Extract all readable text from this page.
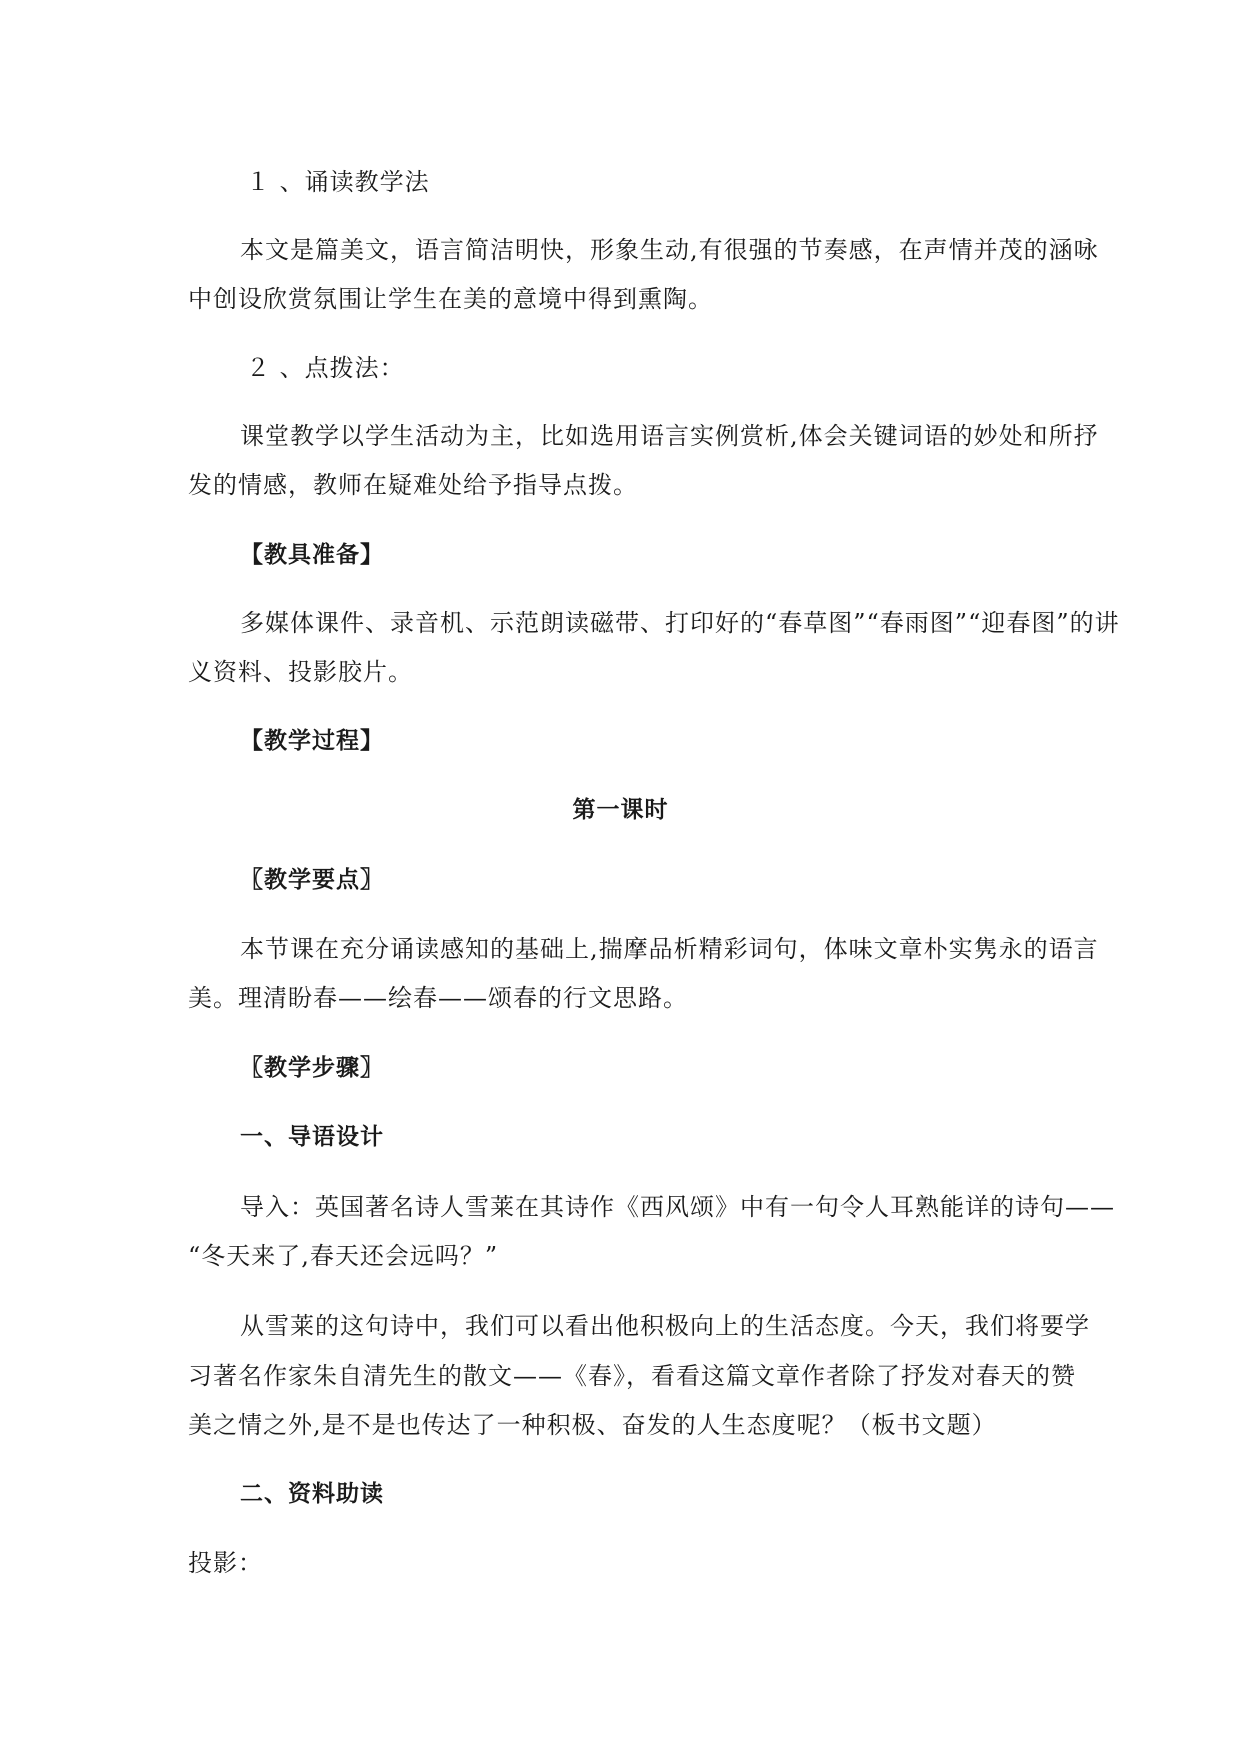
１ 、诵读教学法
本文是篇美文，语言简洁明快，形象生动,有很强的节奏感，在声情并茂的涵咏
中创设欣赏氛围让学生在美的意境中得到熏陶。
２ 、点拨法：
课堂教学以学生活动为主，比如选用语言实例赏析,体会关键词语的妙处和所抒
发的情感，教师在疑难处给予指导点拨。
【教具准备】
多媒体课件、录音机、示范朗读磁带、打印好的“春草图”“春雨图”“迎春图”的讲
义资料、投影胶片。
【教学过程】
第一课时
〖教学要点〗
本节课在充分诵读感知的基础上,揣摩品析精彩词句，体味文章朴实隽永的语言
美。理清盼春——绘春——颂春的行文思路。
〖教学步骤〗
一、导语设计
导入：英国著名诗人雪莱在其诗作《西风颂》中有一句令人耳熟能详的诗句——
“冬天来了,春天还会远吗？”
从雪莱的这句诗中，我们可以看出他积极向上的生活态度。今天，我们将要学
习著名作家朱自清先生的散文——《春》，看看这篇文章作者除了抒发对春天的赞
美之情之外,是不是也传达了一种积极、奋发的人生态度呢？（板书文题）
二、资料助读
投影：
